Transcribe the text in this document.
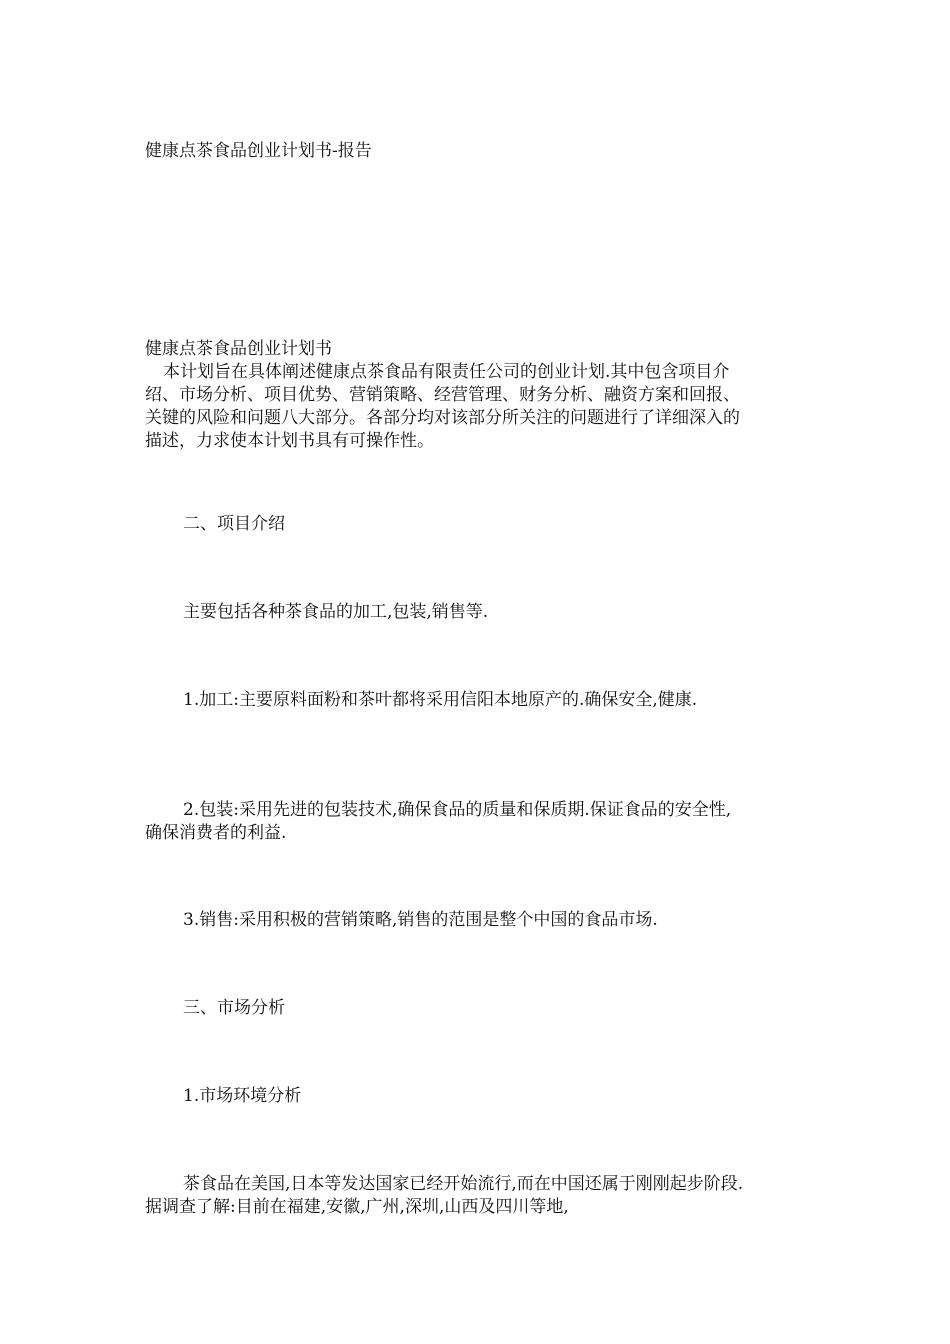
健康点茶食品创业计划书-报告

健康点茶食品创业计划书

本计划旨在具体阐述健康点茶食品有限责任公司的创业计划.其中包含项目介绍、市场分析、项目优势、营销策略、经营管理、财务分析、融资方案和回报、关键的风险和问题八大部分。各部分均对该部分所关注的问题进行了详细深入的描述，力求使本计划书具有可操作性。

二、项目介绍

主要包括各种茶食品的加工,包装,销售等.

1.加工:主要原料面粉和茶叶都将采用信阳本地原产的.确保安全,健康.

2.包装:采用先进的包装技术,确保食品的质量和保质期.保证食品的安全性,确保消费者的利益.

3.销售:采用积极的营销策略,销售的范围是整个中国的食品市场.

三、市场分析

1.市场环境分析

茶食品在美国,日本等发达国家已经开始流行,而在中国还属于刚刚起步阶段.据调查了解:目前在福建,安徽,广州,深圳,山西及四川等地,
